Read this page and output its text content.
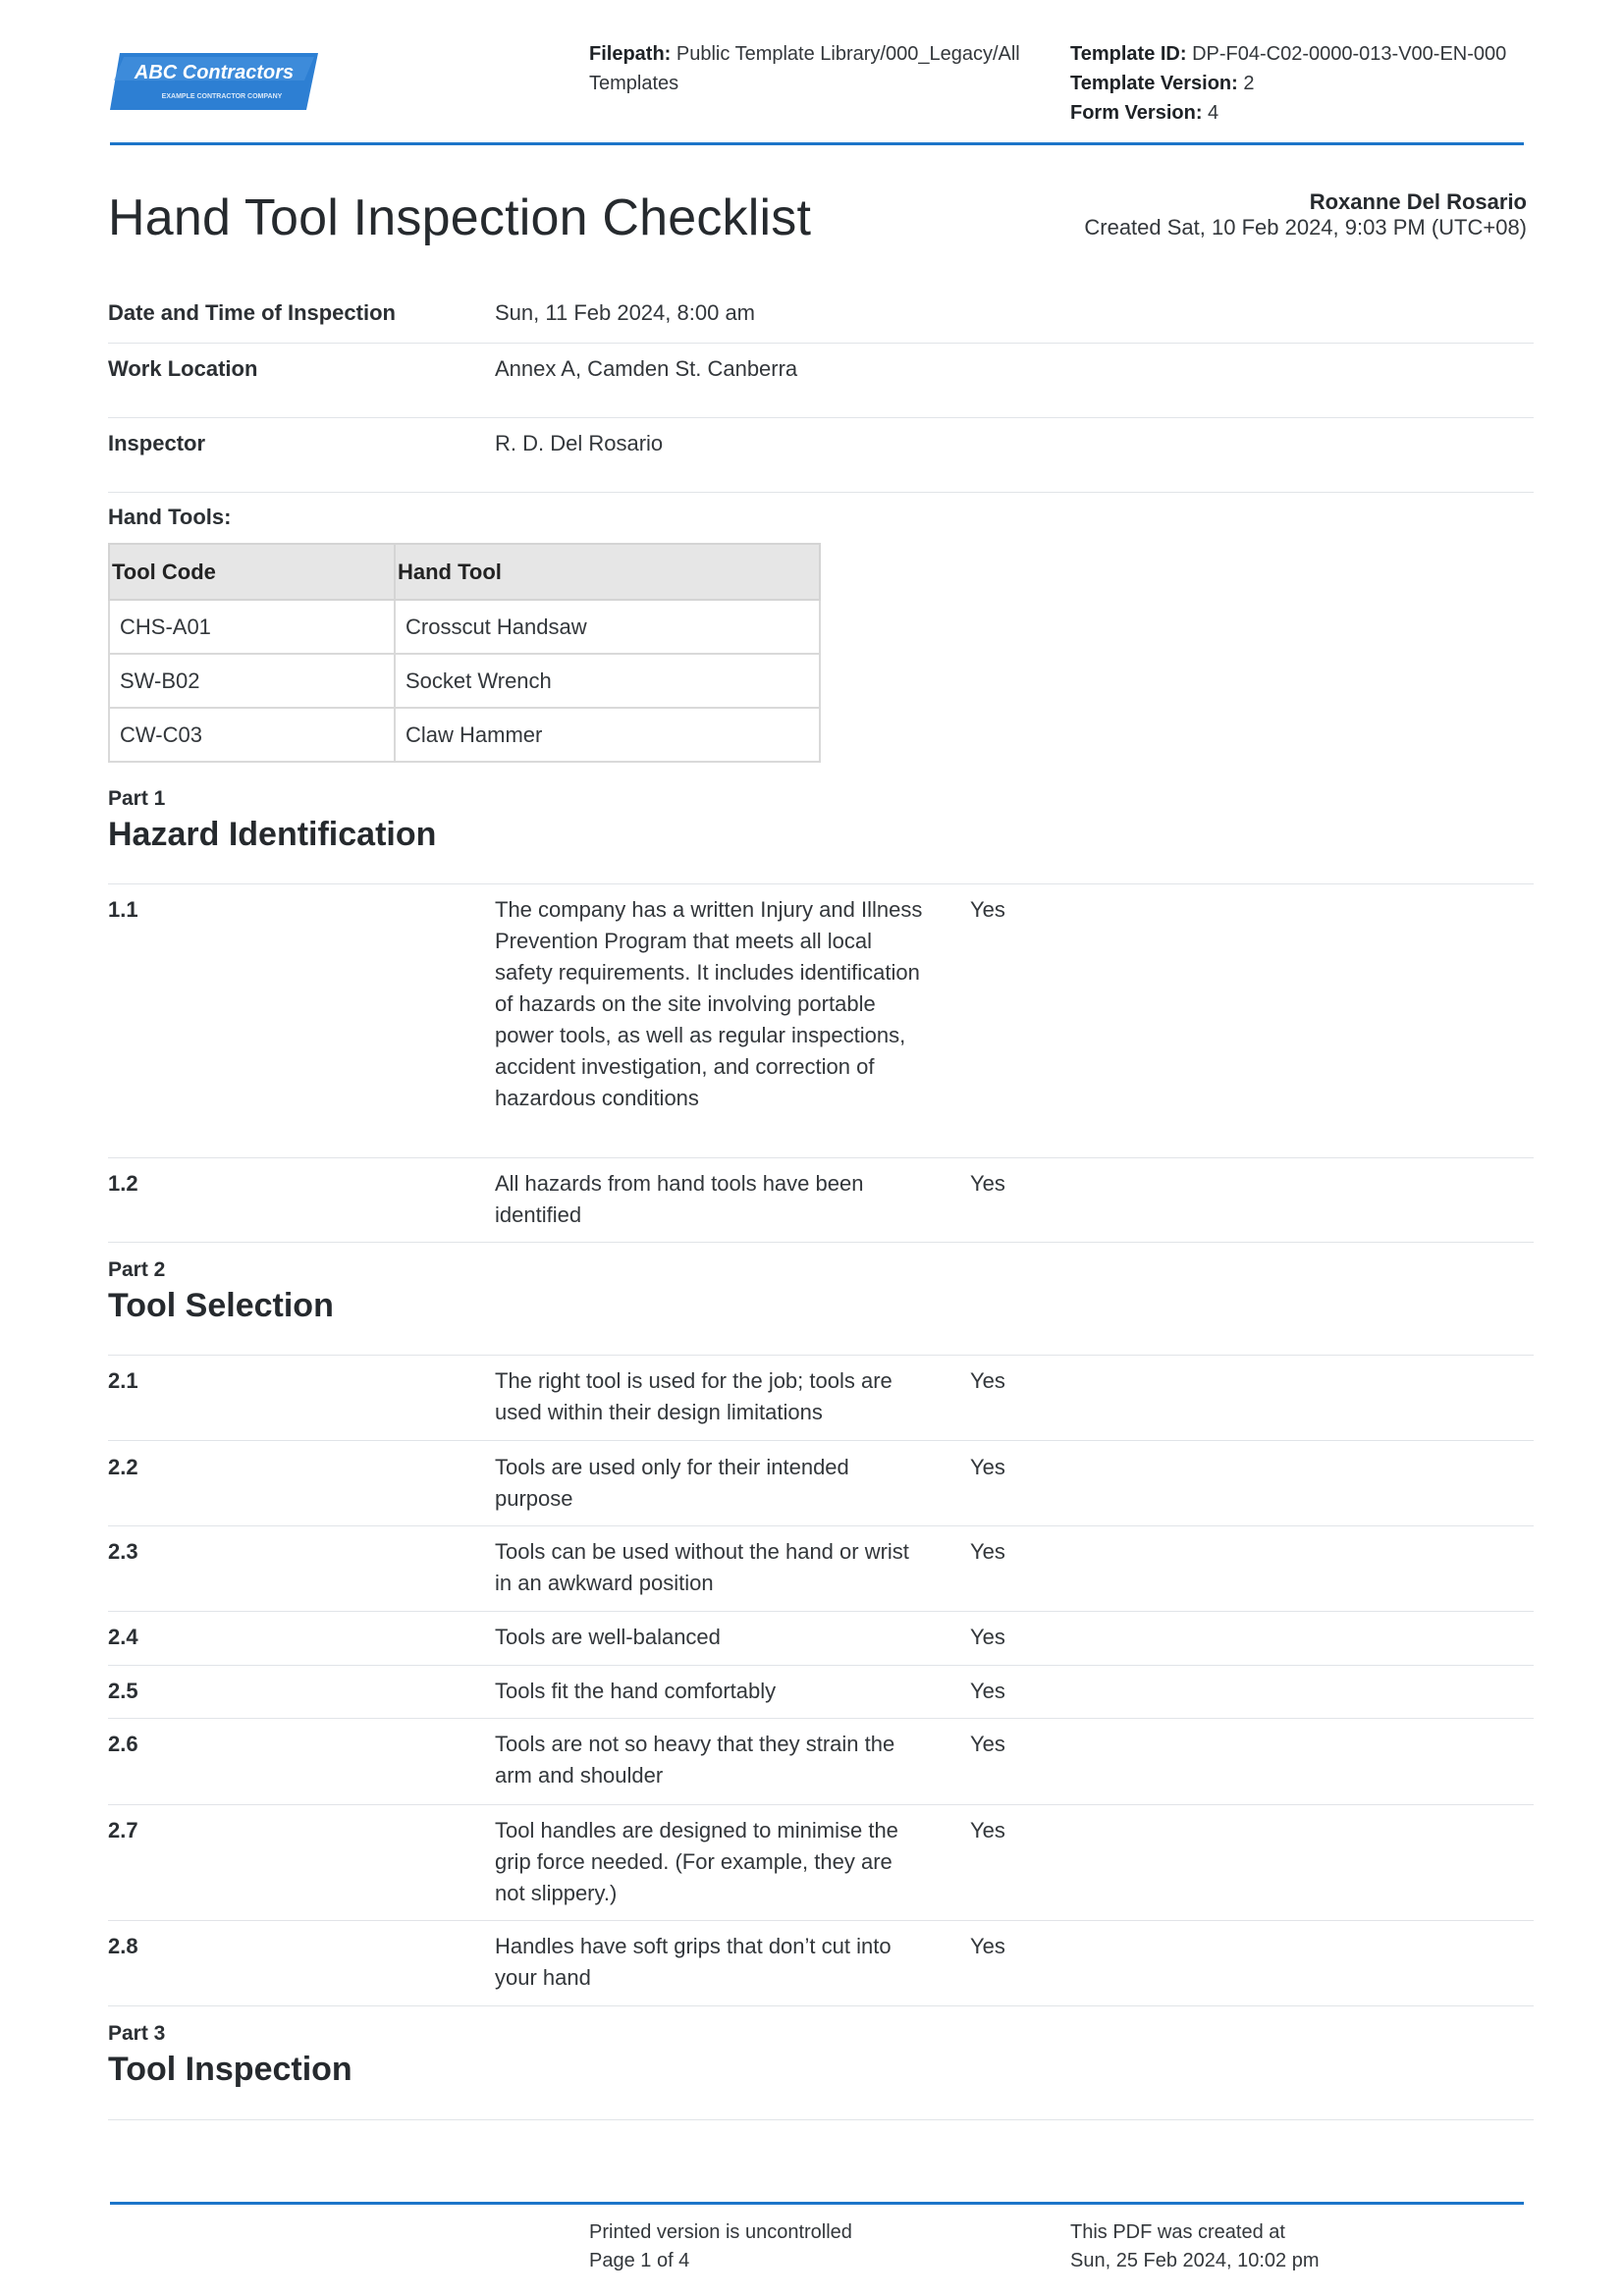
ABC Contractors
EXAMPLE CONTRACTOR COMPANY
Filepath: Public Template Library/000_Legacy/All Templates
Template ID: DP-F04-C02-0000-013-V00-EN-000
Template Version: 2
Form Version: 4
Hand Tool Inspection Checklist	Roxanne Del Rosario
Created Sat, 10 Feb 2024, 9:03 PM (UTC+08)
Date and Time of Inspection	Sun, 11 Feb 2024, 8:00 am
Work Location	Annex A, Camden St. Canberra
Inspector	R. D. Del Rosario
Hand Tools:
Tool Code	Hand Tool
CHS-A01	Crosscut Handsaw
SW-B02	Socket Wrench
CW-C03	Claw Hammer
Part 1
Hazard Identification
1.1	The company has a written Injury and Illness Prevention Program that meets all local safety requirements. It includes identification of hazards on the site involving portable power tools, as well as regular inspections, accident investigation, and correction of hazardous conditions
Yes
1.2	All hazards from hand tools have been identified
Yes
Part 2
Tool Selection
2.1	The right tool is used for the job; tools are used within their design limitations
Yes
2.2	Tools are used only for their intended purpose
Yes
2.3	Tools can be used without the hand or wrist in an awkward position
Yes
2.4	Tools are well-balanced	Yes
2.5	Tools fit the hand comfortably	Yes
2.6	Tools are not so heavy that they strain the arm and shoulder
Yes
2.7	Tool handles are designed to minimise the grip force needed. (For example, they are not slippery.)
Yes
2.8	Handles have soft grips that don’t cut into your hand
Yes
Part 3
Tool Inspection
Printed version is uncontrolled
Page 1 of 4
This PDF was created at
Sun, 25 Feb 2024, 10:02 pm
